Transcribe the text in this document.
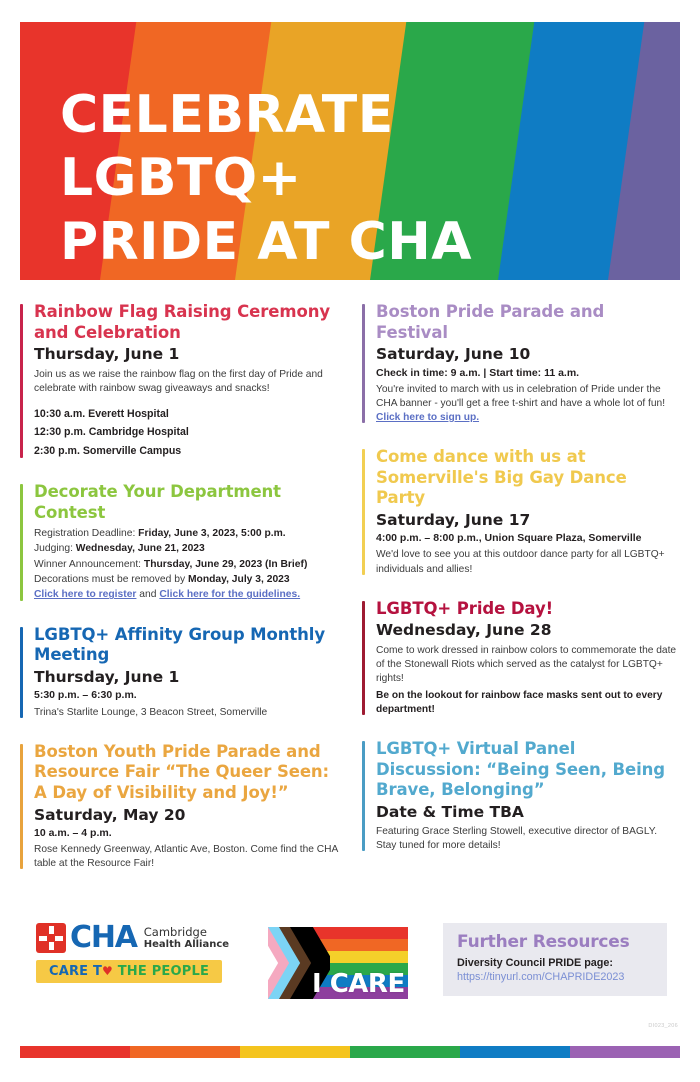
CELEBRATE LGBTQ+
PRIDE AT CHA
Rainbow Flag Raising Ceremony and Celebration
Thursday, June 1
Join us as we raise the rainbow flag on the first day of Pride and celebrate with rainbow swag giveaways and snacks!
10:30 a.m. Everett Hospital
12:30 p.m. Cambridge Hospital
2:30 p.m. Somerville Campus
Decorate Your Department Contest
Registration Deadline: Friday, June 3, 2023, 5:00 p.m.
Judging: Wednesday, June 21, 2023
Winner Announcement: Thursday, June 29, 2023 (In Brief)
Decorations must be removed by Monday, July 3, 2023
Click here to register and Click here for the guidelines.
LGBTQ+ Affinity Group Monthly Meeting
Thursday, June 1
5:30 p.m. – 6:30 p.m.
Trina's Starlite Lounge, 3 Beacon Street, Somerville
Boston Youth Pride Parade and Resource Fair “The Queer Seen: A Day of Visibility and Joy!”
Saturday, May 20
10 a.m. – 4 p.m.
Rose Kennedy Greenway, Atlantic Ave, Boston. Come find the CHA table at the Resource Fair!
Boston Pride Parade and Festival
Saturday, June 10
Check in time: 9 a.m. | Start time: 11 a.m.
You're invited to march with us in celebration of Pride under the CHA banner - you'll get a free t-shirt and have a whole lot of fun! Click here to sign up.
Come dance with us at Somerville's Big Gay Dance Party
Saturday, June 17
4:00 p.m. – 8:00 p.m., Union Square Plaza, Somerville
We'd love to see you at this outdoor dance party for all LGBTQ+ individuals and allies!
LGBTQ+ Pride Day!
Wednesday, June 28
Come to work dressed in rainbow colors to commemorate the date of the Stonewall Riots which served as the catalyst for LGBTQ+ rights!
Be on the lookout for rainbow face masks sent out to every department!
LGBTQ+ Virtual Panel Discussion: “Being Seen, Being Brave, Belonging”
Date & Time TBA
Featuring Grace Sterling Stowell, executive director of BAGLY. Stay tuned for more details!
CHA Cambridge
Health Alliance
CARE T♥ THE PEOPLE	I CARE
Further Resources
Diversity Council PRIDE page:
https://tinyurl.com/CHAPRIDE2023
DI023_206
